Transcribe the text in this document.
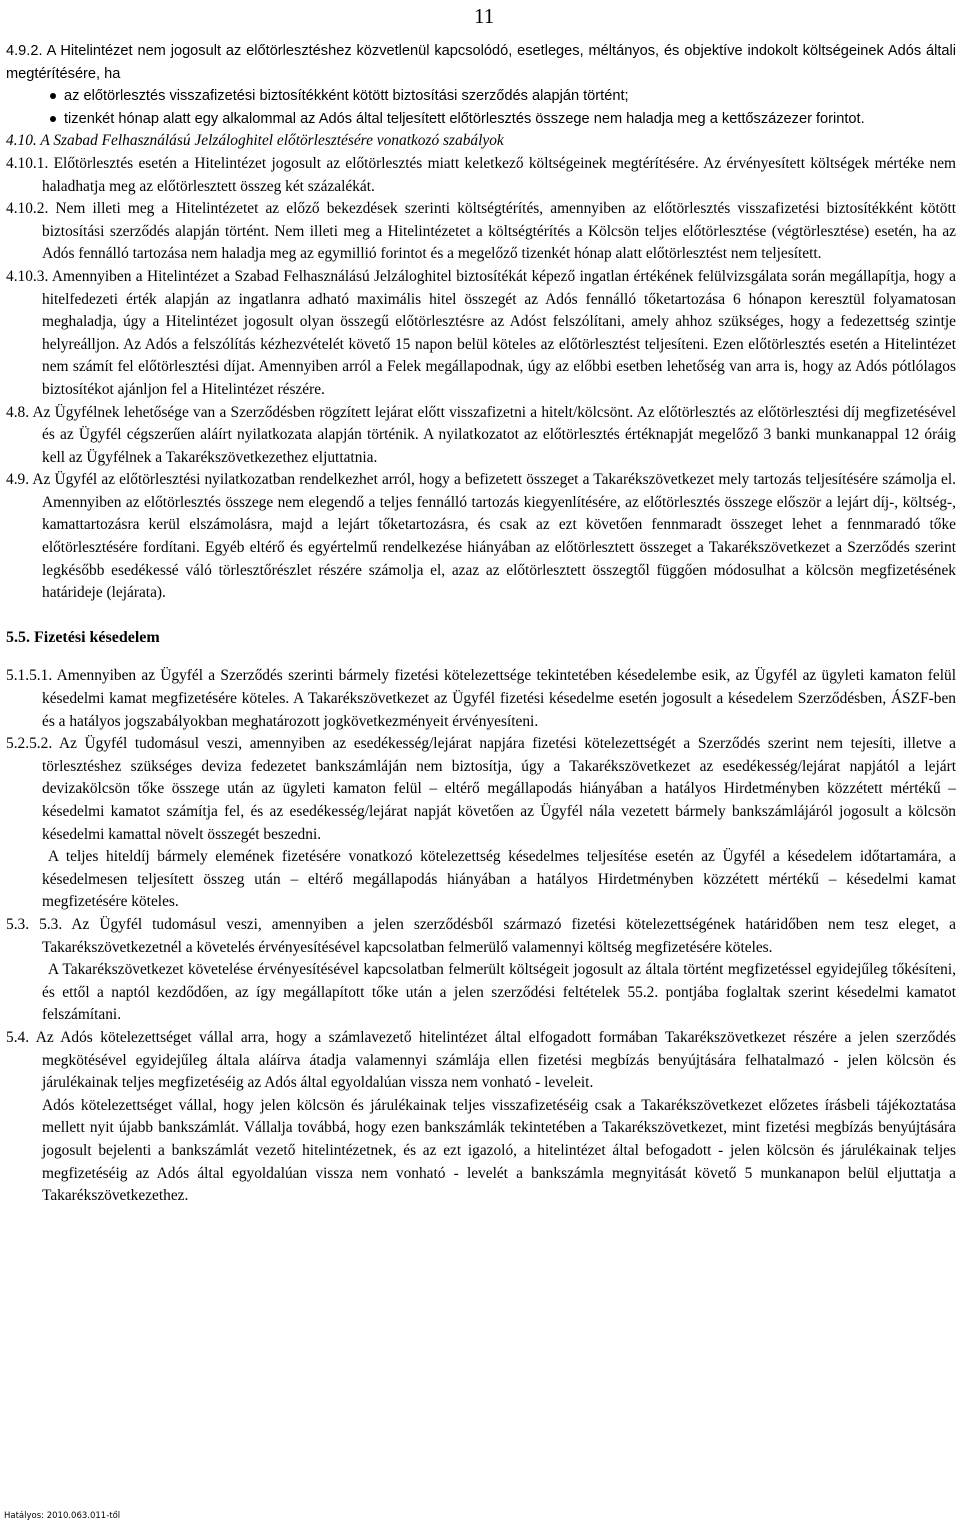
11

4.9.2. A Hitelintézet nem jogosult az előtörlesztéshez közvetlenül kapcsolódó, esetleges, méltányos, és objektíve indokolt költségeinek Adós általi megtérítésére, ha

az előtörlesztés visszafizetési biztosítékként kötött biztosítási szerződés alapján történt;
tizenkét hónap alatt egy alkalommal az Adós által teljesített előtörlesztés összege nem haladja meg a kettőszázezer forintot.

4.10. A Szabad Felhasználású Jelzáloghitel előtörlesztésére vonatkozó szabályok

4.10.1. Előtörlesztés esetén a Hitelintézet jogosult az előtörlesztés miatt keletkező költségeinek megtérítésére. Az érvényesített költségek mértéke nem haladhatja meg az előtörlesztett összeg két százalékát.

4.10.2. Nem illeti meg a Hitelintézetet az előző bekezdések szerinti költségtérítés, amennyiben az előtörlesztés visszafizetési biztosítékként kötött biztosítási szerződés alapján történt. Nem illeti meg a Hitelintézetet a költségtérítés a Kölcsön teljes előtörlesztése (végtörlesztése) esetén, ha az Adós fennálló tartozása nem haladja meg az egymillió forintot és a megelőző tizenkét hónap alatt előtörlesztést nem teljesített.

4.10.3. Amennyiben a Hitelintézet a Szabad Felhasználású Jelzáloghitel biztosítékát képező ingatlan értékének felülvizsgálata során megállapítja, hogy a hitelfedezeti érték alapján az ingatlanra adható maximális hitel összegét az Adós fennálló tőketartozása 6 hónapon keresztül folyamatosan meghaladja, úgy a Hitelintézet jogosult olyan összegű előtörlesztésre az Adóst felszólítani, amely ahhoz szükséges, hogy a fedezettség szintje helyreálljon. Az Adós a felszólítás kézhezvételét követő 15 napon belül köteles az előtörlesztést teljesíteni. Ezen előtörlesztés esetén a Hitelintézet nem számít fel előtörlesztési díjat. Amennyiben arról a Felek megállapodnak, úgy az előbbi esetben lehetőség van arra is, hogy az Adós pótlólagos biztosítékot ajánljon fel a Hitelintézet részére.

4.8. Az Ügyfélnek lehetősége van a Szerződésben rögzített lejárat előtt visszafizetni a hitelt/kölcsönt. Az előtörlesztés az előtörlesztési díj megfizetésével és az Ügyfél cégszerűen aláírt nyilatkozata alapján történik. A nyilatkozatot az előtörlesztés értéknapját megelőző 3 banki munkanappal 12 óráig kell az Ügyfélnek a Takarékszövetkezethez eljuttatnia.

4.9. Az Ügyfél az előtörlesztési nyilatkozatban rendelkezhet arról, hogy a befizetett összeget a Takarékszövetkezet mely tartozás teljesítésére számolja el. Amennyiben az előtörlesztés összege nem elegendő a teljes fennálló tartozás kiegyenlítésére, az előtörlesztés összege először a lejárt díj-, költség-, kamattartozásra kerül elszámolásra, majd a lejárt tőketartozásra, és csak az ezt követően fennmaradt összeget lehet a fennmaradó tőke előtörlesztésére fordítani. Egyéb eltérő és egyértelmű rendelkezése hiányában az előtörlesztett összeget a Takarékszövetkezet a Szerződés szerint legkésőbb esedékessé váló törlesztőrészlet részére számolja el, azaz az előtörlesztett összegtől függően módosulhat a kölcsön megfizetésének határideje (lejárata).

5.5. Fizetési késedelem

5.1.5.1. Amennyiben az Ügyfél a Szerződés szerinti bármely fizetési kötelezettsége tekintetében késedelembe esik, az Ügyfél az ügyleti kamaton felül késedelmi kamat megfizetésére köteles. A Takarékszövetkezet az Ügyfél fizetési késedelme esetén jogosult a késedelem Szerződésben, ÁSZF-ben és a hatályos jogszabályokban meghatározott jogkövetkezményeit érvényesíteni.

5.2.5.2. Az Ügyfél tudomásul veszi, amennyiben az esedékesség/lejárat napjára fizetési kötelezettségét a Szerződés szerint nem tejesíti, illetve a törlesztéshez szükséges deviza fedezetet bankszámláján nem biztosítja, úgy a Takarékszövetkezet az esedékesség/lejárat napjától a lejárt devizakölcsön tőke összege után az ügyleti kamaton felül – eltérő megállapodás hiányában a hatályos Hirdetményben közzétett mértékű – késedelmi kamatot számítja fel, és az esedékesség/lejárat napját követően az Ügyfél nála vezetett bármely bankszámlájáról jogosult a kölcsön késedelmi kamattal növelt összegét beszedni.

A teljes hiteldíj bármely elemének fizetésére vonatkozó kötelezettség késedelmes teljesítése esetén az Ügyfél a késedelem időtartamára, a késedelmesen teljesített összeg után – eltérő megállapodás hiányában a hatályos Hirdetményben közzétett mértékű – késedelmi kamat megfizetésére köteles.

5.3. 5.3. Az Ügyfél tudomásul veszi, amennyiben a jelen szerződésből származó fizetési kötelezettségének határidőben nem tesz eleget, a Takarékszövetkezetnél a követelés érvényesítésével kapcsolatban felmerülő valamennyi költség megfizetésére köteles.

A Takarékszövetkezet követelése érvényesítésével kapcsolatban felmerült költségeit jogosult az általa történt megfizetéssel egyidejűleg tőkésíteni, és ettől a naptól kezdődően, az így megállapított tőke után a jelen szerződési feltételek 55.2. pontjába foglaltak szerint késedelmi kamatot felszámítani.

5.4. Az Adós kötelezettséget vállal arra, hogy a számlavezető hitelintézet által elfogadott formában Takarékszövetkezet részére a jelen szerződés megkötésével egyidejűleg általa aláírva átadja valamennyi számlája ellen fizetési megbízás benyújtására felhatalmazó - jelen kölcsön és járulékainak teljes megfizetéséig az Adós által egyoldalúan vissza nem vonható - leveleit.

Adós kötelezettséget vállal, hogy jelen kölcsön és járulékainak teljes visszafizetéséig csak a Takarékszövetkezet előzetes írásbeli tájékoztatása mellett nyit újabb bankszámlát. Vállalja továbbá, hogy ezen bankszámlák tekintetében a Takarékszövetkezet, mint fizetési megbízás benyújtására jogosult bejelenti a bankszámlát vezető hitelintézetnek, és az ezt igazoló, a hitelintézet által befogadott - jelen kölcsön és járulékainak teljes megfizetéséig az Adós által egyoldalúan vissza nem vonható - levelét a bankszámla megnyitását követő 5 munkanapon belül eljuttatja a Takarékszövetkezethez.

Hatályos: 2010.063.011-től
